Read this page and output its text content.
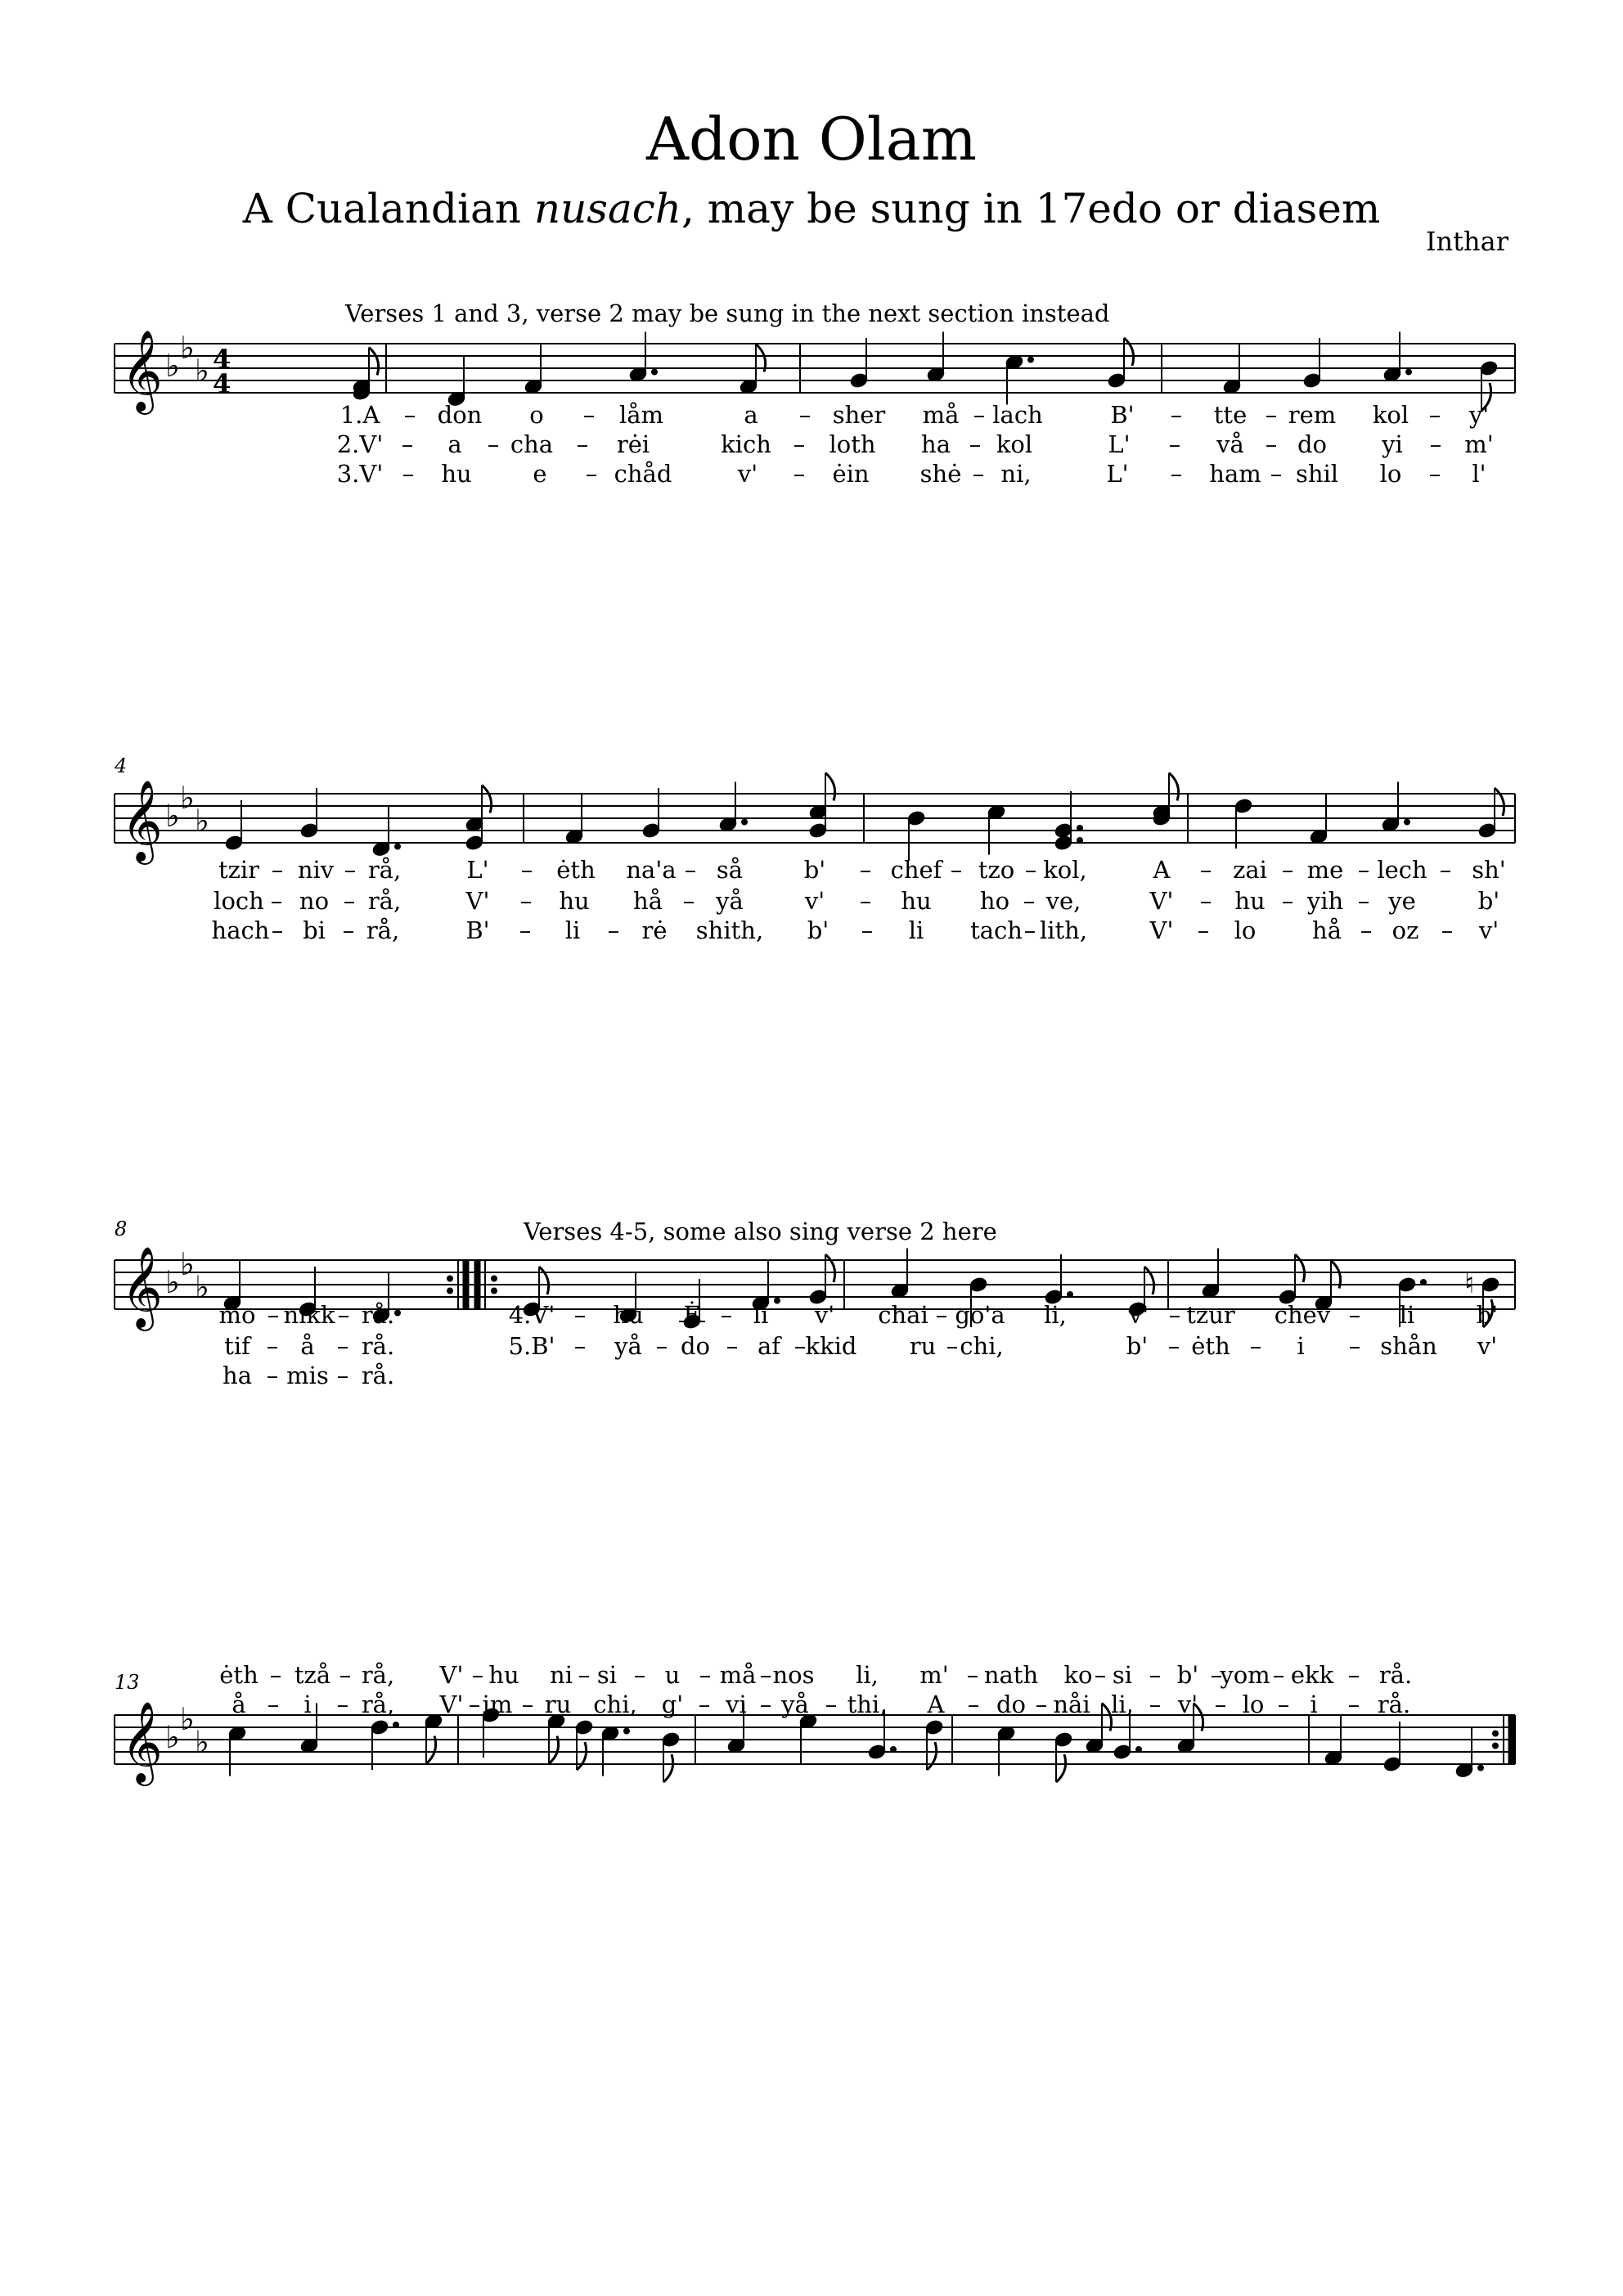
Adon Olam
A Cualandian nusach, may be sung in 17edo or diasem
Inthar
Verses 1 and 3, verse 2 may be sung in the next section instead
Verses 4-5, some also sing verse 2 here
4
8
13
𝄞 ♭ ♭
♭ 4
4
𝄞 ♭ ♭
♭
𝄞 ♭ ♭
♭	♮
𝄞 ♭ ♭
♭
1.A – don o – låm	a – sher må – lach	B' – tte – rem kol – y'
2.V' – a – cha – rėi	kich – loth ha – kol	L' – vå – do yi – m'
3.V' – hu	e – chåd	v' – ėin shė – ni,	L' – ham – shil lo – l'
tzir – niv – rå,	L' – ėth na'a – så	b' – chef – tzo – kol,	A – zai – me – lech – sh'
loch – no – rå,	V' – hu hå – yå	v' – hu ho – ve,	V' – hu – yih – ye	b'
hach – bi – rå,	B' – li – rė shith, b' – li tach – lith,	V' – lo hå – oz – v'
mo – nikk – rå.	4.V' – hu Ė – li v' chai – go'a li,	v' – tzur chev – li	b'
tif – å – rå.	5.B' – yå – do – af – kkid ru – chi,	b' – ėth – i – shån v'
ha – mis – rå.
ėth – tzå – rå, V' – hu ni – si – u – må – nos li, m' – nath ko – si – b' –
yom – ekk – rå.
å – i – rå, V' – im – ru chi, g' – vi – yå – thi, A – do – nåi li, – v' – lo – i – rå.
